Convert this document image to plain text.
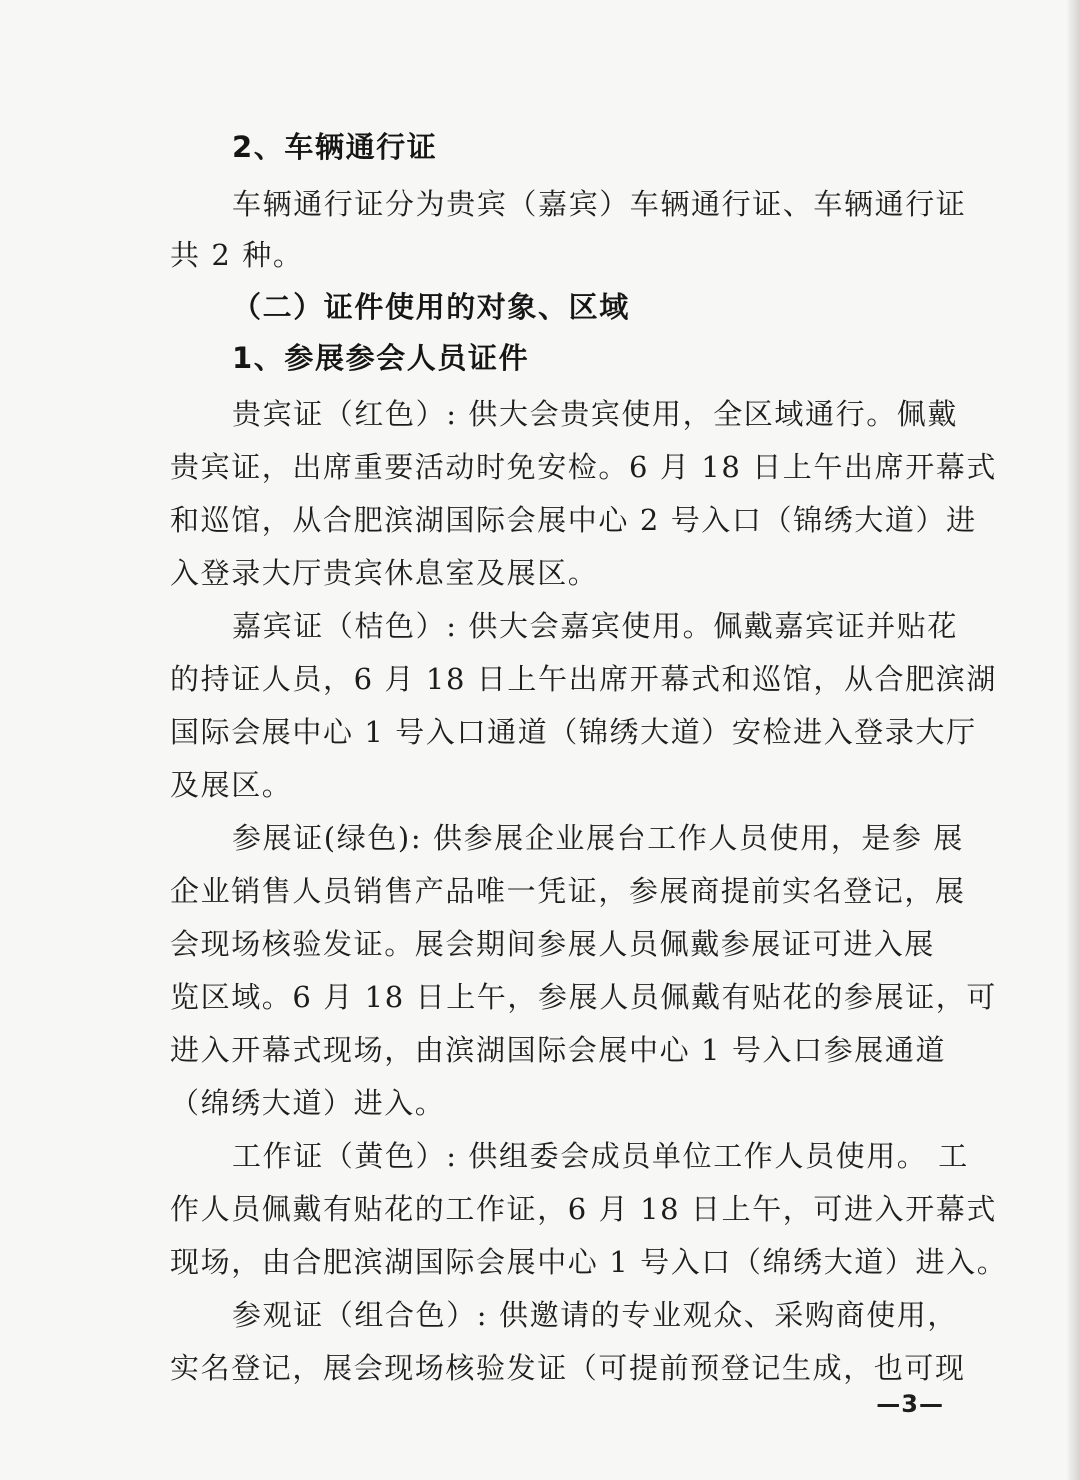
2、车辆通行证
车辆通行证分为贵宾（嘉宾）车辆通行证、车辆通行证
共 2 种。
（二）证件使用的对象、区域
1、参展参会人员证件
贵宾证（红色）: 供大会贵宾使用，全区域通行。佩戴
贵宾证，出席重要活动时免安检。6 月 18 日上午出席开幕式
和巡馆，从合肥滨湖国际会展中心 2 号入口（锦绣大道）进
入登录大厅贵宾休息室及展区。
嘉宾证（桔色）: 供大会嘉宾使用。佩戴嘉宾证并贴花
的持证人员，6 月 18 日上午出席开幕式和巡馆，从合肥滨湖
国际会展中心 1 号入口通道（锦绣大道）安检进入登录大厅
及展区。
参展证(绿色): 供参展企业展台工作人员使用，是参 展
企业销售人员销售产品唯一凭证，参展商提前实名登记，展
会现场核验发证。展会期间参展人员佩戴参展证可进入展
览区域。6 月 18 日上午，参展人员佩戴有贴花的参展证，可
进入开幕式现场，由滨湖国际会展中心 1 号入口参展通道
（绵绣大道）进入。
工作证（黄色）: 供组委会成员单位工作人员使用。 工
作人员佩戴有贴花的工作证，6 月 18 日上午，可进入开幕式
现场，由合肥滨湖国际会展中心 1 号入口（绵绣大道）进入。
参观证（组合色）: 供邀请的专业观众、采购商使用，
实名登记，展会现场核验发证（可提前预登记生成，也可现
—3—
